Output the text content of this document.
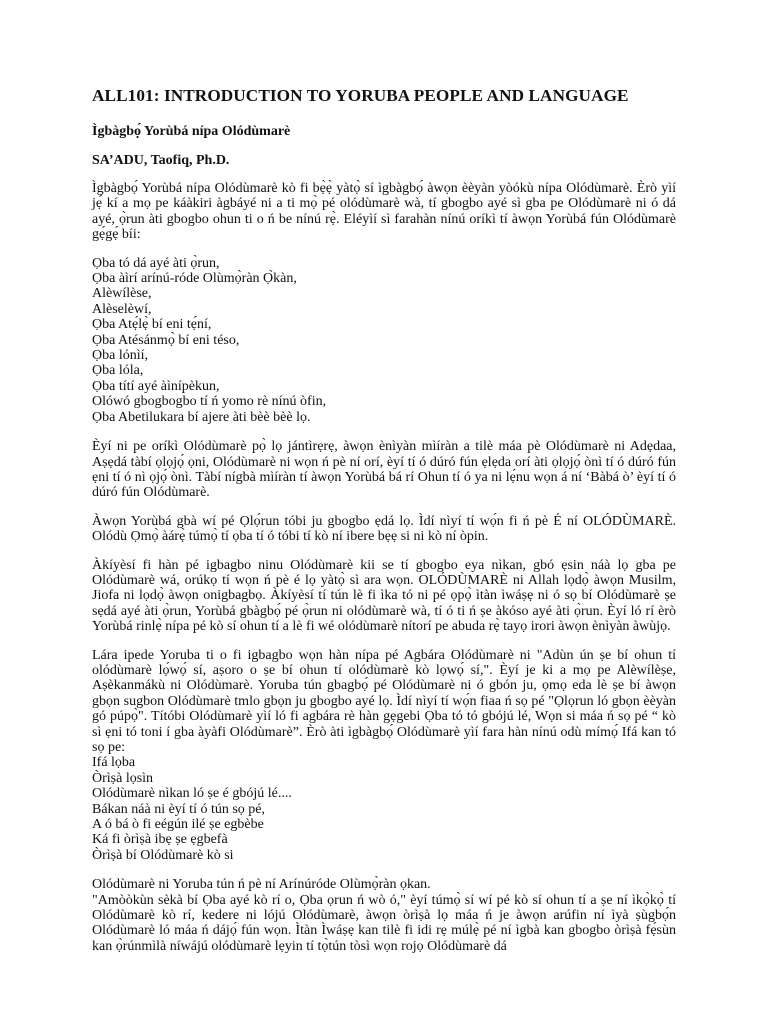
ALL101: INTRODUCTION TO YORUBA PEOPLE AND LANGUAGE
Ìgbàgbọ́ Yorùbá nípa Olódùmarè
SA’ADU, Taofiq, Ph.D.

Ìgbàgbọ́ Yorùbá nípa Olódùmarè kò fi bẹ̀ẹ̀ yàtọ̀ sí ìgbàgbọ́ àwọn èèyàn yòókù nípa Olódùmarè. Èrò yìí jẹ́ kí a mọ pe káàkiri àgbáyé ni a ti mọ̀ pé olódùmarè wà, tí gbogbo ayé sì gba pe Olódùmarè ni ó dá ayé, ọ̀run àti gbogbo ohun ti o ń be nínú rẹ̀. Eléyìí sì farahàn nínú oríkì tí àwọn Yorùbá fún Olódùmarè gẹ́gẹ́ bíi:

Ọba tó dá ayé àti ọ̀run,
Ọba àìrí arínú-róde Olùmọ̀ràn Ọ̀kàn,
Alèwílèse,
Alèselèwí,
Ọba Atẹ́lẹ̀ bí eni tẹ́ní,
Ọba Atésánmọ̀ bí eni téso,
Ọba lónìí,
Ọba lóla,
Ọba títí ayé àìnípèkun,
Olówó gbogbogbo tí ń yomo rè nínú òfin,
Ọba Abetilukara bí ajere àti bèè bèè lọ.

Èyí ni pe oríkì Olódùmarè pọ̀ lọ jántìrẹrẹ, àwọn ènìyàn mìíràn a tilè máa pè Olódùmarè ni Adẹdaa, Aṣẹdá tàbí ọlọjọ́ ọni, Olódùmarè ni wọn ń pè ní orí, èyí tí ó dúró fún ẹlẹda orí àti ọlọjọ́ ònì tí ó dúró fún ẹni tí ó nì ọjọ́ ònì. Tàbí nígbà mìíràn tí àwọn Yorùbá bá rí Ohun tí ó ya ni lẹ́nu wọn á ní ‘Bàbá ò’ èyí tí ó dúró fún Olódùmarè.

Àwọn Yorùbá gbà wí pé Ọlọ́run tóbi ju gbogbo ẹdá lọ. Ìdí nìyí tí wọ́n fi ń pè É ní OLÓDÙMARÈ. Olódù Ọmọ̀ àárẹ̀ túmọ̀ tí ọba tí ó tóbi tí kò ní ibere bẹẹ si ni kò ní òpin.

Àkíyèsí fi hàn pé igbagbo ninu Olódùmarè kii se tí gbogbo eya nìkan, gbó ẹsin náà lọ gba pe Olódùmarè wá, orúkọ tí wọn ń pè é lọ yàtọ̀ sì ara wọn. OLÓDÙMARÈ ni Allah lọdọ̀ àwọn Musilm, Jiofa ni lọdọ̀ àwọn onigbagbọ. Àkíyèsí tí tún lè fi ìka tó ni pé ọpọ̀ ìtàn ìwáṣẹ ni ó sọ bí Olódùmarè ṣe sẹdá ayé àti ọ̀run, Yorùbá gbàgbọ́ pé ọ̀run ni olódùmarè wà, tí ó ti ń ṣe àkóso ayé àti ọ̀run. Èyí ló rí èrò Yorùbá rinlẹ̀ nípa pé kò sí ohun tí a lè fi wé olódùmarè nítorí pe abuda rẹ̀ tayọ irori àwọn ènìyàn àwùjọ.

Lára ipede Yoruba ti o fi igbagbo wọn hàn nípa pé Agbára Olódùmarè ni "Adùn ún ṣe bí ohun tí olódùmarè lọ́wọ́ sí, aṣoro o ṣe bí ohun tí olódùmarè kò lọwọ́ sí,". Èyí je ki a mọ pe Alèwílèṣe, Aṣèkanmákù ni Olódùmarè. Yoruba tún gbagbọ́ pé Olódùmarè ni ó gbón ju, ọmọ eda lè ṣe bí àwọn gbọn sugbon Olódùmarè tmlo gbọn ju gbogbo ayé lọ. Ìdí nìyí tí wọ́n fiaa ń sọ pé "Ọlọrun ló gbọn èèyàn gó púpọ̀". Títóbi Olódùmarè yìí ló fi agbára rè hàn gẹgebi Ọba tó tó gbójú lé, Wọn si máa ń sọ pé “ kò sì ẹni tó toni í gba àyàfi Olódùmarè”. Èrò àti ìgbàgbọ́ Olódùmarè yìí fara hàn nínú odù mímọ́ Ifá kan tó sọ pe:

Ifá lọba
Òrìṣà lọsìn
Olódùmarè nìkan ló ṣe é gbójú lé....
Bákan náà ni èyí tí ó tún sọ pé,
A ó bá ò fi eégún ilé ṣe egbèbe
Ká fi òrìṣà ibẹ ṣe ẹgbefà
Òrìṣà bí Olódùmarè kò si

Olódùmarè ni Yoruba tún ń pè ní Arínúróde Olùmọ̀ràn ọkan.

"Amòòkùn sèkà bí Ọba ayé kò rí o, Ọba ọrun ń wò ó," èyí túmọ̀ sí wí pé kò sí ohun tí a ṣe ní ìkọ̀kọ̀ tí Olódùmarè kò rí, kedere ni lójú Olódùmarè, àwọn òrìṣà lọ máa ń je àwọn arúfin ní ìyà ṣùgbọ́n Olódùmarè ló máa ń dájọ́ fún wọn. Ìtàn Ìwáṣẹ kan tilè fi idi rẹ múlẹ̀ pé ní ìgbà kan gbogbo òrìṣà fẹ́sùn kan ọ̀rúnmìlà níwájú olódùmarè lẹyin tí tọ̀tún tòsì wọn rojọ Olódùmarè dá
